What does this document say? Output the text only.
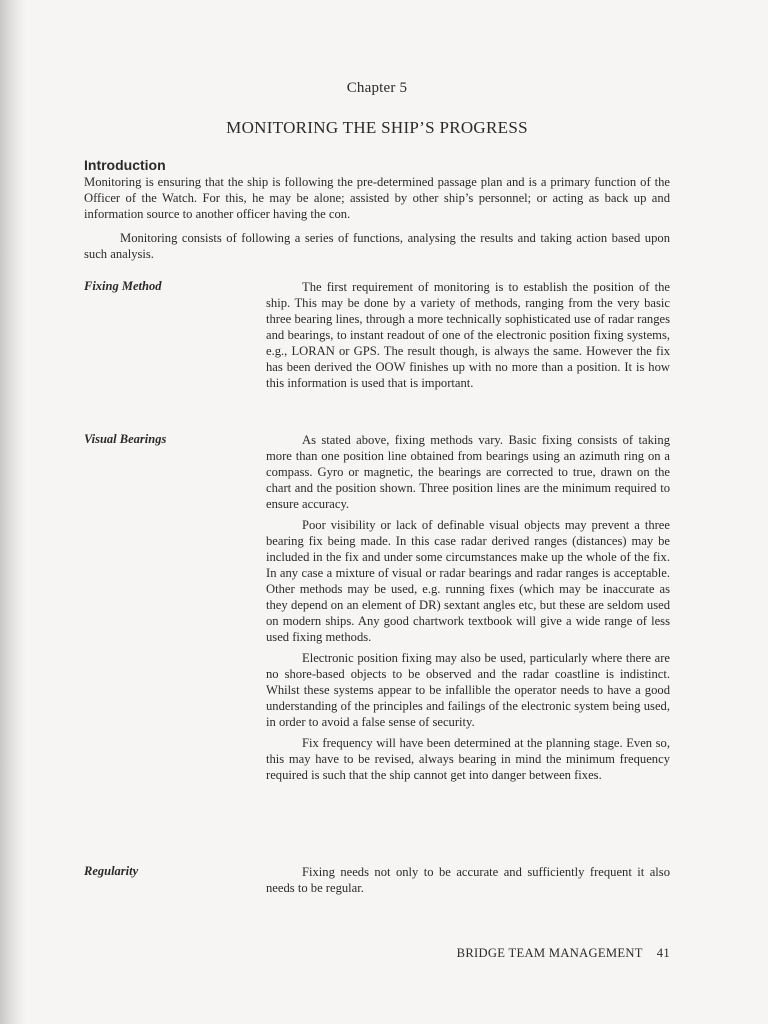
Chapter 5
MONITORING THE SHIP’S PROGRESS
Introduction

Monitoring is ensuring that the ship is following the pre-determined passage plan and is a primary function of the Officer of the Watch. For this, he may be alone; assisted by other ship’s personnel; or acting as back up and information source to another officer having the con.

Monitoring consists of following a series of functions, analysing the results and taking action based upon such analysis.

Fixing Method	The first requirement of monitoring is to establish the position of the ship. This may be done by a variety of methods, ranging from the very basic three bearing lines, through a more technically sophisticated use of radar ranges and bearings, to instant readout of one of the electronic position fixing systems, e.g., LORAN or GPS. The result though, is always the same. However the fix has been derived the OOW finishes up with no more than a position. It is how this information is used that is important.

Visual Bearings	As stated above, fixing methods vary. Basic fixing consists of taking more than one position line obtained from bearings using an azimuth ring on a compass. Gyro or magnetic, the bearings are corrected to true, drawn on the chart and the position shown. Three position lines are the minimum required to ensure accuracy.

Poor visibility or lack of definable visual objects may prevent a three bearing fix being made. In this case radar derived ranges (distances) may be included in the fix and under some circumstances make up the whole of the fix. In any case a mixture of visual or radar bearings and radar ranges is acceptable. Other methods may be used, e.g. running fixes (which may be inaccurate as they depend on an element of DR) sextant angles etc, but these are seldom used on modern ships. Any good chartwork textbook will give a wide range of less used fixing methods.

Electronic position fixing may also be used, particularly where there are no shore-based objects to be observed and the radar coastline is indistinct. Whilst these systems appear to be infallible the operator needs to have a good understanding of the principles and failings of the electronic system being used, in order to avoid a false sense of security.

Fix frequency will have been determined at the planning stage. Even so, this may have to be revised, always bearing in mind the minimum frequency required is such that the ship cannot get into danger between fixes.

Regularity	Fixing needs not only to be accurate and sufficiently frequent it also needs to be regular.

BRIDGE TEAM MANAGEMENT 41
